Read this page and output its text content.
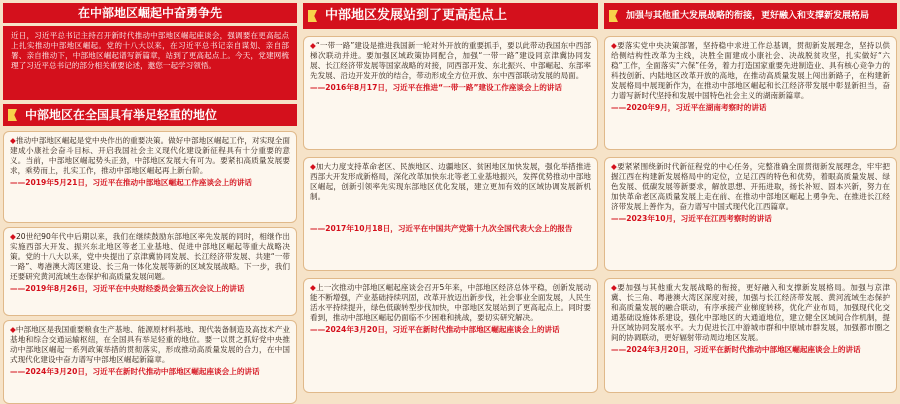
在中部地区崛起中奋勇争先

近日，习近平总书记主持召开新时代推动中部地区崛起座谈会，强调要在更高起点上扎实推动中部地区崛起。党的十八大以来，在习近平总书记亲自谋划、亲自部署、亲自推动下，中部地区崛起谱写新篇章，站到了更高起点上。今天，党建网梳理了习近平总书记的部分相关重要论述，邀您一起学习领悟。

中部地区在全国具有举足轻重的地位

◆推动中部地区崛起是党中央作出的重要决策。做好中部地区崛起工作，对实现全面建成小康社会奋斗目标、开启我国社会主义现代化建设新征程具有十分重要的意义。当前，中部地区崛起势头正劲，中部地区发展大有可为。要紧扣高质量发展要求，乘势而上，扎实工作，推动中部地区崛起再上新台阶。

——2019年5月21日，习近平在推动中部地区崛起工作座谈会上的讲话

◆20世纪90年代中后期以来，我们在继续鼓励东部地区率先发展的同时，相继作出实施西部大开发、振兴东北地区等老工业基地、促进中部地区崛起等重大战略决策。党的十八大以来，党中央提出了京津冀协同发展、长江经济带发展、共建“一带一路”、粤港澳大湾区建设、长三角一体化发展等新的区域发展战略。下一步，我们还要研究黄河流域生态保护和高质量发展问题。

——2019年8月26日，习近平在中央财经委员会第五次会议上的讲话

◆中部地区是我国重要粮食生产基地、能源原材料基地、现代装备制造及高技术产业基地和综合交通运输枢纽，在全国具有举足轻重的地位。要一以贯之抓好党中央推动中部地区崛起一系列政策举措的贯彻落实，形成推动高质量发展的合力，在中国式现代化建设中奋力谱写中部地区崛起新篇章。

——2024年3月20日，习近平在新时代推动中部地区崛起座谈会上的讲话

中部地区发展站到了更高起点上

◆“一带一路”建设是推进我国新一轮对外开放的重要抓手，要以此带动我国东中西部梯次联动并进。要加强区域政策协同配合，加强“一带一路”建设同京津冀协同发展、长江经济带发展等国家战略的对接，同西部开发、东北振兴、中部崛起、东部率先发展、沿边开发开放的结合，带动形成全方位开放、东中西部联动发展的局面。

——2016年8月17日，习近平在推进“一带一路”建设工作座谈会上的讲话

◆加大力度支持革命老区、民族地区、边疆地区、贫困地区加快发展，强化举措推进西部大开发形成新格局，深化改革加快东北等老工业基地振兴，发挥优势推动中部地区崛起，创新引领率先实现东部地区优化发展，建立更加有效的区域协调发展新机制。

——2017年10月18日，习近平在中国共产党第十九次全国代表大会上的报告

◆上一次推动中部地区崛起座谈会召开5年来，中部地区经济总体平稳，创新发展动能不断增强，产业基础持续巩固，改革开放迈出新步伐，社会事业全面发展，人民生活水平持续提升，绿色低碳转型步伐加快，中部地区发展站到了更高起点上。同时要看到，推动中部地区崛起仍面临不少困难和挑战，要切实研究解决。

——2024年3月20日，习近平在新时代推动中部地区崛起座谈会上的讲话

加强与其他重大发展战略的衔接，更好融入和支撑新发展格局

◆要落实党中央决策部署，坚持稳中求进工作总基调，贯彻新发展理念，坚持以供给侧结构性改革为主线，决胜全面建成小康社会、决战脱贫攻坚，扎实做好“六稳”工作，全面落实“六保”任务，着力打造国家重要先进制造业、具有核心竞争力的科技创新、内陆地区改革开放的高地，在推动高质量发展上闯出新路子，在构建新发展格局中展现新作为，在推动中部地区崛起和长江经济带发展中彰显新担当，奋力谱写新时代坚持和发展中国特色社会主义的湖南新篇章。

——2020年9月，习近平在湖南考察时的讲话

◆要紧紧围绕新时代新征程党的中心任务，完整准确全面贯彻新发展理念，牢牢把握江西在构建新发展格局中的定位，立足江西的特色和优势，着眼高质量发展、绿色发展、低碳发展等新要求，解放思想、开拓进取，扬长补短、固本兴新，努力在加快革命老区高质量发展上走在前、在推动中部地区崛起上勇争先、在推进长江经济带发展上善作为，奋力谱写中国式现代化江西篇章。

——2023年10月，习近平在江西考察时的讲话

◆要加强与其他重大发展战略的衔接，更好融入和支撑新发展格局。加强与京津冀、长三角、粤港澳大湾区深度对接，加强与长江经济带发展、黄河流域生态保护和高质量发展的融合联动，有序承接产业梯度转移，优化产业布局，加强现代化交通基础设施体系建设，强化中部地区的大通道地位，建立健全区域间合作机制，提升区域协同发展水平。大力促进长江中游城市群和中原城市群发展，加强都市圈之间的协调联动，更好辐射带动周边地区发展。

——2024年3月20日，习近平在新时代推动中部地区崛起座谈会上的讲话
